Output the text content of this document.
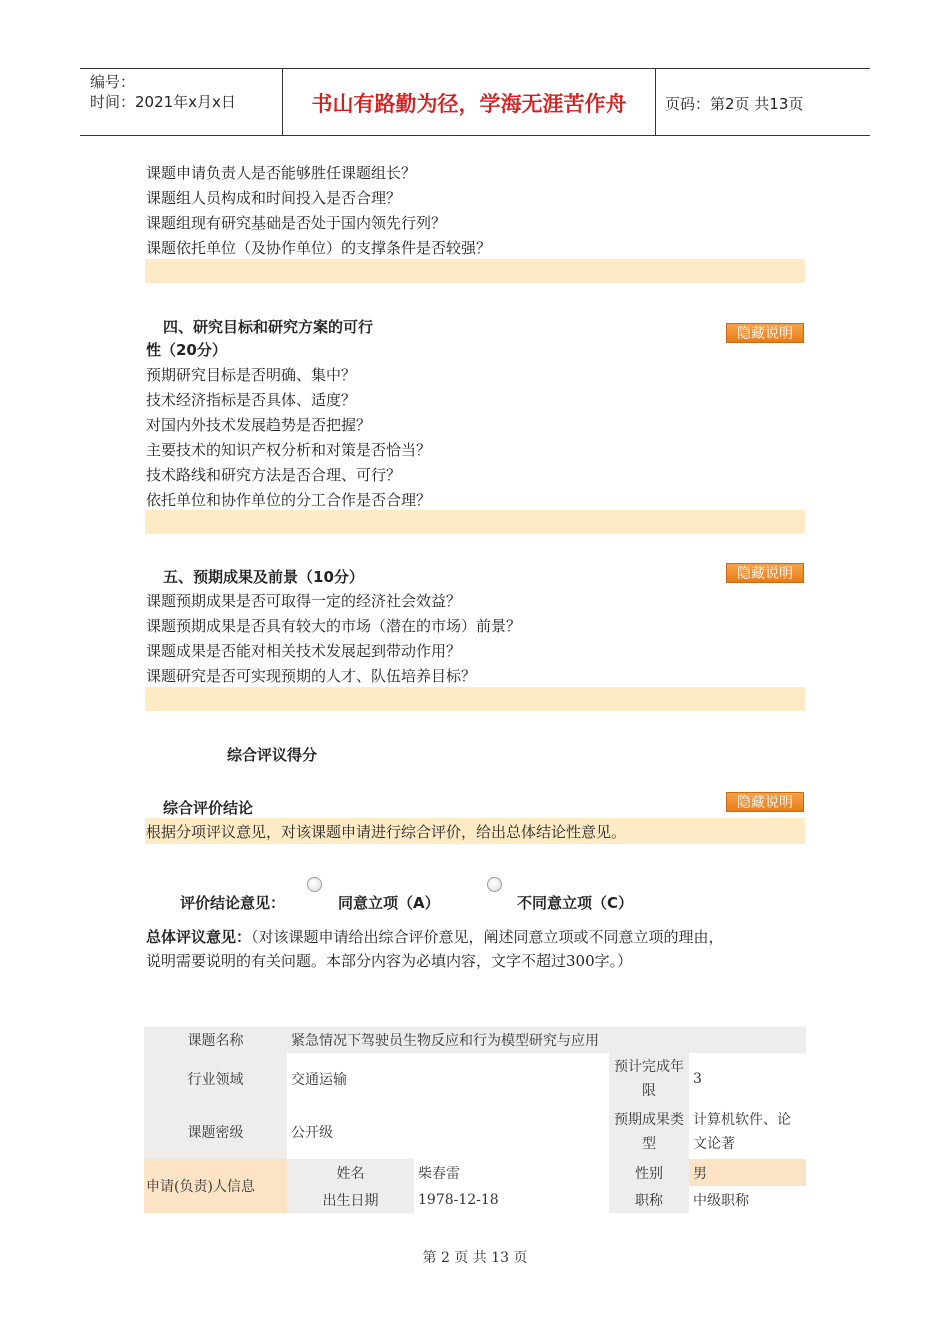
编号：
时间：2021年x月x日	书山有路勤为径，学海无涯苦作舟	页码：第2页 共13页
课题申请负责人是否能够胜任课题组长？
课题组人员构成和时间投入是否合理？
课题组现有研究基础是否处于国内领先行列？
课题依托单位（及协作单位）的支撑条件是否较强？
四、研究目标和研究方案的可行
性（20分）
隐藏说明
预期研究目标是否明确、集中？
技术经济指标是否具体、适度？
对国内外技术发展趋势是否把握？
主要技术的知识产权分析和对策是否恰当？
技术路线和研究方法是否合理、可行？
依托单位和协作单位的分工合作是否合理？
五、预期成果及前景（10分）	隐藏说明
课题预期成果是否可取得一定的经济社会效益？
课题预期成果是否具有较大的市场（潜在的市场）前景？
课题成果是否能对相关技术发展起到带动作用？
课题研究是否可实现预期的人才、队伍培养目标？
综合评议得分
综合评价结论	隐藏说明
根据分项评议意见，对该课题申请进行综合评价，给出总体结论性意见。
评价结论意见：	同意立项（A）	不同意立项（C）
总体评议意见：（对该课题申请给出综合评价意见，阐述同意立项或不同意立项的理由，
说明需要说明的有关问题。本部分内容为必填内容，文字不超过300字。）
课题名称	紧急情况下驾驶员生物反应和行为模型研究与应用			
行业领域	交通运输		预计完成年限	3
课题密级	公开级		预期成果类型	计算机软件、论文论著
申请(负责)人信息	姓名	柴春雷	性别	男
	出生日期	1978-12-18	职称	中级职称
第 2 页 共 13 页
